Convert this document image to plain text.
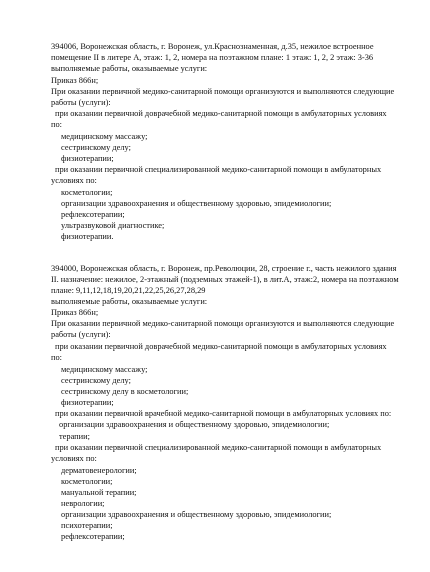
394006, Воронежская область, г. Воронеж, ул.Краснознаменная, д.35, нежилое встроенное
помещение II в литере А, этаж: 1, 2, номера на поэтажном плане: 1 этаж: 1, 2, 2 этаж: 3-36
выполняемые работы, оказываемые услуги:
Приказ 866н;
При оказании первичной медико-санитарной помощи организуются и выполняются следующие
работы (услуги):
при оказании первичной доврачебной медико-санитарной помощи в амбулаторных условиях
по:
медицинскому массажу;
сестринскому делу;
физиотерапии;
при оказании первичной специализированной медико-санитарной помощи в амбулаторных
условиях по:
косметологии;
организации здравоохранения и общественному здоровью, эпидемиологии;
рефлексотерапии;
ультразвуковой диагностике;
физиотерапии.
394000, Воронежская область, г. Воронеж, пр.Революции, 28, строение г., часть нежилого здания
II. назначение: нежилое, 2-этажный (подземных этажей-1), в лит.А, этаж:2, номера на поэтажном
плане: 9,11,12,18,19,20,21,22,25,26,27,28,29
выполняемые работы, оказываемые услуги:
Приказ 866н;
При оказании первичной медико-санитарной помощи организуются и выполняются следующие
работы (услуги):
при оказании первичной доврачебной медико-санитарной помощи в амбулаторных условиях
по:
медицинскому массажу;
сестринскому делу;
сестринскому делу в косметологии;
физиотерапии;
при оказании первичной врачебной медико-санитарной помощи в амбулаторных условиях по:
организации здравоохранения и общественному здоровью, эпидемиологии;
терапии;
при оказании первичной специализированной медико-санитарной помощи в амбулаторных
условиях по:
дерматовенерологии;
косметологии;
мануальной терапии;
неврологии;
организации здравоохранения и общественному здоровью, эпидемиологии;
психотерапии;
рефлексотерапии;
